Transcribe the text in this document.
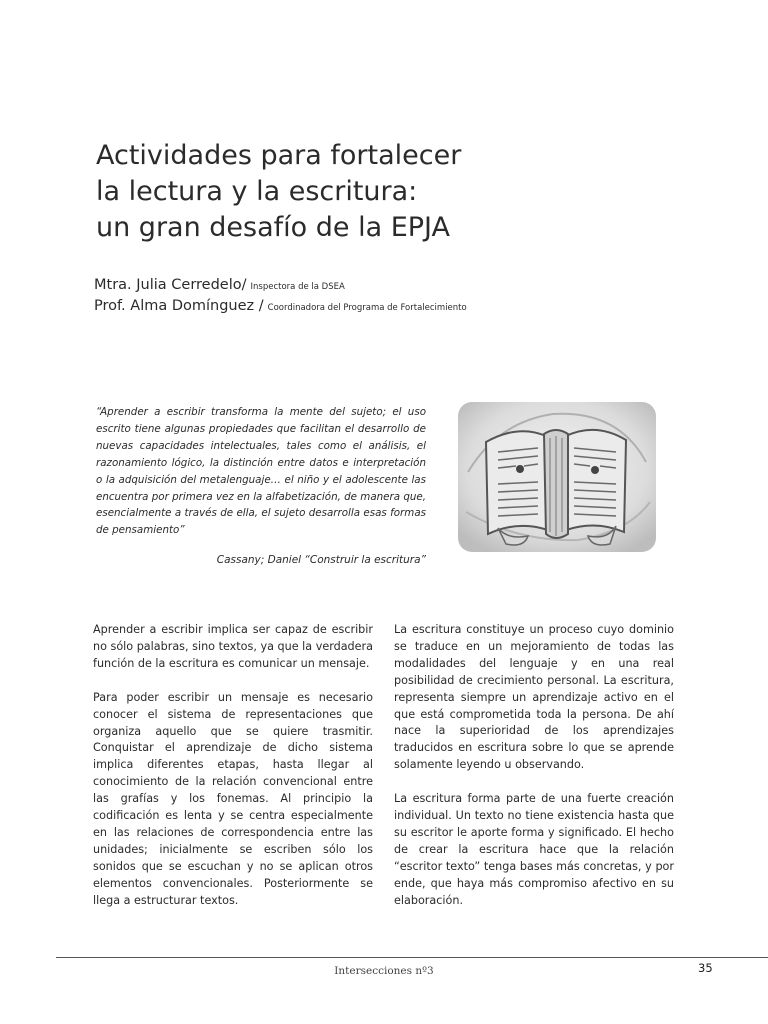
Actividades para fortalecer
la lectura y la escritura:
un gran desafío de la EPJA
Mtra. Julia Cerredelo/ Inspectora de la DSEA
Prof. Alma Domínguez / Coordinadora del Programa de Fortalecimiento

“Aprender a escribir transforma la mente del sujeto; el uso escrito tiene algunas propiedades que facilitan el desarrollo de nuevas capacidades intelectuales, tales como el análisis, el razonamiento lógico, la distinción entre datos e interpretación o la adquisición del metalenguaje… el niño y el adolescente las encuentra por primera vez en la alfabetización, de manera que, esencialmente a través de ella, el sujeto desarrolla esas formas de pensamiento”

Cassany; Daniel “Construir la escritura”

Aprender a escribir implica ser capaz de escribir no sólo palabras, sino textos, ya que la verdadera función de la escritura es comunicar un mensaje.

Para poder escribir un mensaje es necesario conocer el sistema de representaciones que organiza aquello que se quiere trasmitir. Conquistar el aprendizaje de dicho sistema implica diferentes etapas, hasta llegar al conocimiento de la relación convencional entre las grafías y los fonemas. Al principio la codificación es lenta y se centra especialmente en las relaciones de correspondencia entre las unidades; inicialmente se escriben sólo los sonidos que se escuchan y no se aplican otros elementos convencionales. Posteriormente se llega a estructurar textos.

La escritura constituye un proceso cuyo dominio se traduce en un mejoramiento de todas las modalidades del lenguaje y en una real posibilidad de crecimiento personal. La escritura, representa siempre un aprendizaje activo en el que está comprometida toda la persona. De ahí nace la superioridad de los aprendizajes traducidos en escritura sobre lo que se aprende solamente leyendo u observando.

La escritura forma parte de una fuerte creación individual. Un texto no tiene existencia hasta que su escritor le aporte forma y significado. El hecho de crear la escritura hace que la relación “escritor texto” tenga bases más concretas, y por ende, que haya más compromiso afectivo en su elaboración.

Intersecciones nº3	35
